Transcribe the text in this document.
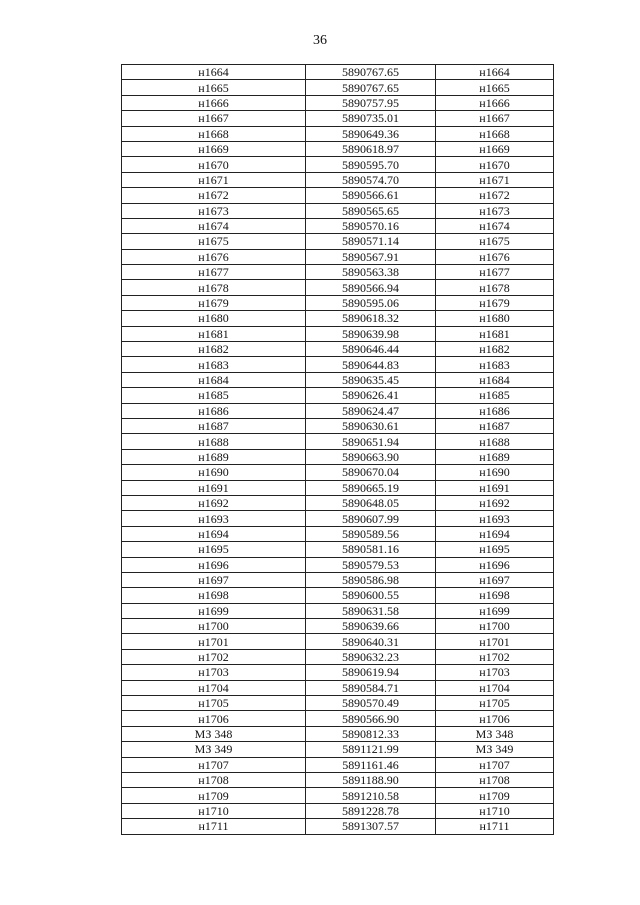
36
н1664	5890767.65	н1664
н1665	5890767.65	н1665
н1666	5890757.95	н1666
н1667	5890735.01	н1667
н1668	5890649.36	н1668
н1669	5890618.97	н1669
н1670	5890595.70	н1670
н1671	5890574.70	н1671
н1672	5890566.61	н1672
н1673	5890565.65	н1673
н1674	5890570.16	н1674
н1675	5890571.14	н1675
н1676	5890567.91	н1676
н1677	5890563.38	н1677
н1678	5890566.94	н1678
н1679	5890595.06	н1679
н1680	5890618.32	н1680
н1681	5890639.98	н1681
н1682	5890646.44	н1682
н1683	5890644.83	н1683
н1684	5890635.45	н1684
н1685	5890626.41	н1685
н1686	5890624.47	н1686
н1687	5890630.61	н1687
н1688	5890651.94	н1688
н1689	5890663.90	н1689
н1690	5890670.04	н1690
н1691	5890665.19	н1691
н1692	5890648.05	н1692
н1693	5890607.99	н1693
н1694	5890589.56	н1694
н1695	5890581.16	н1695
н1696	5890579.53	н1696
н1697	5890586.98	н1697
н1698	5890600.55	н1698
н1699	5890631.58	н1699
н1700	5890639.66	н1700
н1701	5890640.31	н1701
н1702	5890632.23	н1702
н1703	5890619.94	н1703
н1704	5890584.71	н1704
н1705	5890570.49	н1705
н1706	5890566.90	н1706
МЗ 348	5890812.33	МЗ 348
МЗ 349	5891121.99	МЗ 349
н1707	5891161.46	н1707
н1708	5891188.90	н1708
н1709	5891210.58	н1709
н1710	5891228.78	н1710
н1711	5891307.57	н1711
